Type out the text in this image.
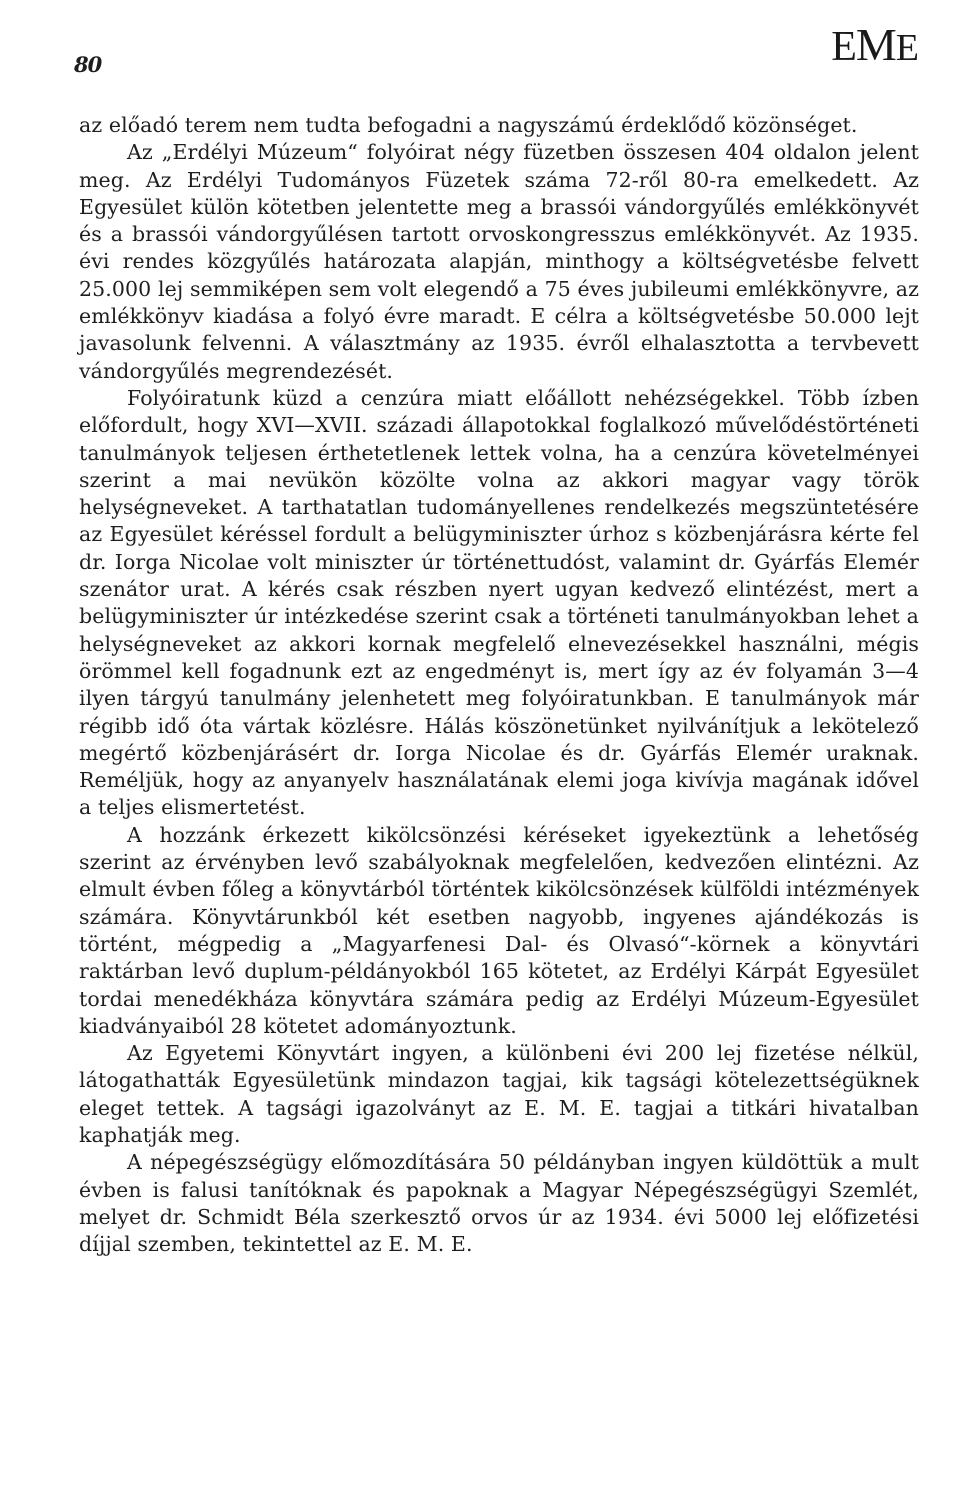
80	EME

az előadó terem nem tudta befogadni a nagyszámú érdeklődő közönséget.

Az „Erdélyi Múzeum“ folyóirat négy füzetben összesen 404 oldalon jelent meg. Az Erdélyi Tudományos Füzetek száma 72-ről 80-ra emelkedett. Az Egyesület külön kötetben jelentette meg a brassói vándorgyűlés emlékkönyvét és a brassói vándorgyűlésen tartott orvoskongresszus emlékkönyvét. Az 1935. évi rendes közgyűlés határozata alapján, minthogy a költségvetésbe felvett 25.000 lej semmiképen sem volt elegendő a 75 éves jubileumi emlékkönyvre, az emlékkönyv kiadása a folyó évre maradt. E célra a költségvetésbe 50.000 lejt javasolunk felvenni. A választmány az 1935. évről elhalasztotta a tervbevett vándorgyűlés megrendezését.

Folyóiratunk küzd a cenzúra miatt előállott nehézségekkel. Több ízben előfordult, hogy XVI—XVII. századi állapotokkal foglalkozó művelődéstörténeti tanulmányok teljesen érthetetlenek lettek volna, ha a cenzúra követelményei szerint a mai nevükön közölte volna az akkori magyar vagy török helységneveket. A tarthatatlan tudományellenes rendelkezés megszüntetésére az Egyesület kéréssel fordult a belügyminiszter úrhoz s közbenjárásra kérte fel dr. Iorga Nicolae volt miniszter úr történettudóst, valamint dr. Gyárfás Elemér szenátor urat. A kérés csak részben nyert ugyan kedvező elintézést, mert a belügyminiszter úr intézkedése szerint csak a történeti tanulmányokban lehet a helységneveket az akkori kornak megfelelő elnevezésekkel használni, mégis örömmel kell fogadnunk ezt az engedményt is, mert így az év folyamán 3—4 ilyen tárgyú tanulmány jelenhetett meg folyóiratunkban. E tanulmányok már régibb idő óta vártak közlésre. Hálás köszönetünket nyilvánítjuk a lekötelező megértő közbenjárásért dr. Iorga Nicolae és dr. Gyárfás Elemér uraknak. Reméljük, hogy az anyanyelv használatának elemi joga kivívja magának idővel a teljes elismertetést.

A hozzánk érkezett kikölcsönzési kéréseket igyekeztünk a lehetőség szerint az érvényben levő szabályoknak megfelelően, kedvezően elintézni. Az elmult évben főleg a könyvtárból történtek kikölcsönzések külföldi intézmények számára. Könyvtárunkból két esetben nagyobb, ingyenes ajándékozás is történt, mégpedig a „Magyarfenesi Dal- és Olvasó“-körnek a könyvtári raktárban levő duplum-példányokból 165 kötetet, az Erdélyi Kárpát Egyesület tordai menedékháza könyvtára számára pedig az Erdélyi Múzeum-Egyesület kiadványaiból 28 kötetet adományoztunk.

Az Egyetemi Könyvtárt ingyen, a különbeni évi 200 lej fizetése nélkül, látogathatták Egyesületünk mindazon tagjai, kik tagsági kötelezettségüknek eleget tettek. A tagsági igazolványt az E. M. E. tagjai a titkári hivatalban kaphatják meg.

A népegészségügy előmozdítására 50 példányban ingyen küldöttük a mult évben is falusi tanítóknak és papoknak a Magyar Népegészségügyi Szemlét, melyet dr. Schmidt Béla szerkesztő orvos úr az 1934. évi 5000 lej előfizetési díjjal szemben, tekintettel az E. M. E.
